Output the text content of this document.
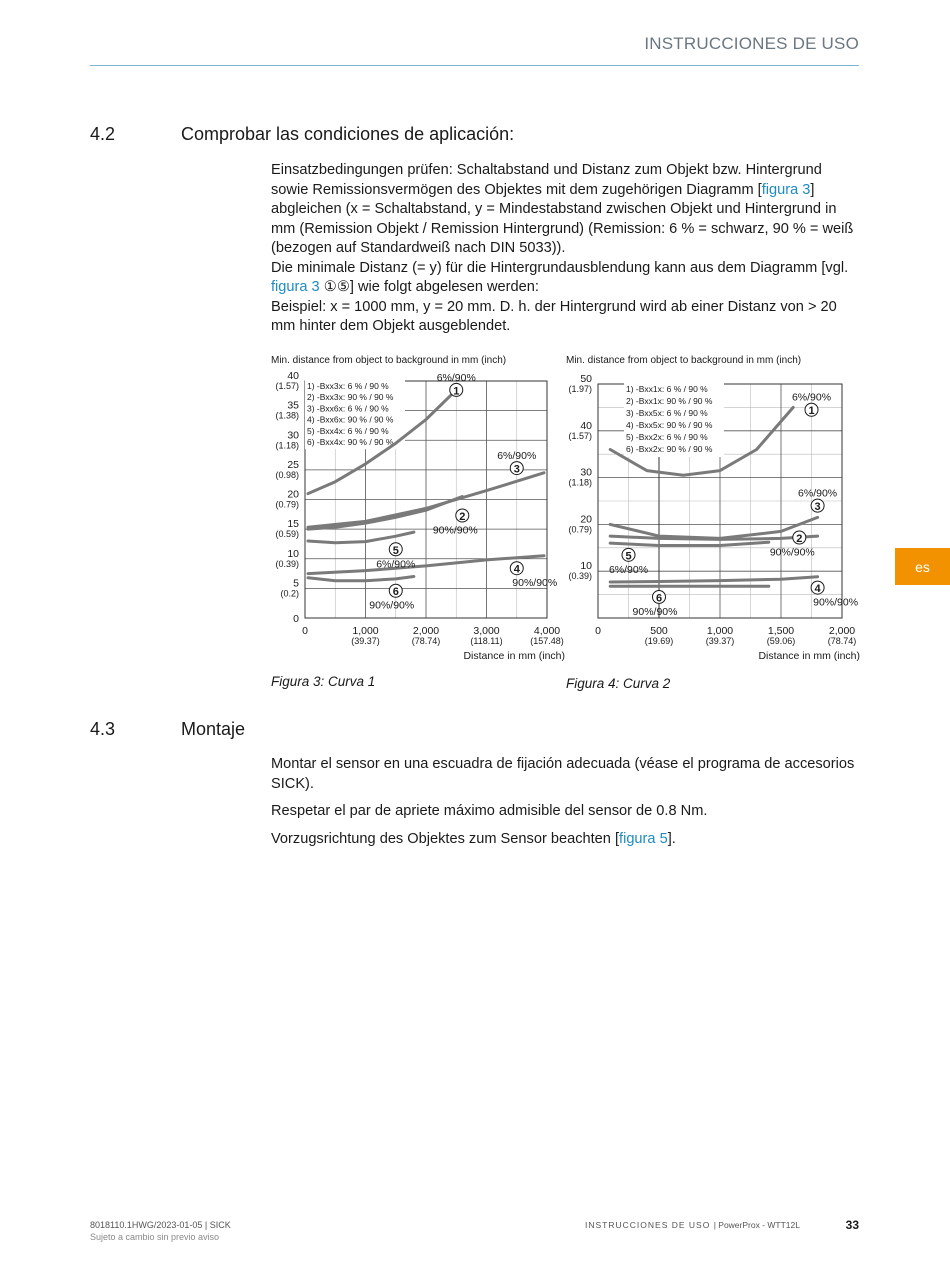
INSTRUCCIONES DE USO
4.2	Comprobar las condiciones de aplicación:

Einsatzbedingungen prüfen: Schaltabstand und Distanz zum Objekt bzw. Hintergrund sowie Remissionsvermögen des Objektes mit dem zugehörigen Diagramm [figura 3] abgleichen (x = Schaltabstand, y = Mindestabstand zwischen Objekt und Hintergrund in mm (Remission Objekt / Remission Hintergrund) (Remission: 6 % = schwarz, 90 % = weiß (bezogen auf Standardweiß nach DIN 5033)).

Die minimale Distanz (= y) für die Hintergrundausblendung kann aus dem Diagramm [vgl. figura 3 ①⑤] wie folgt abgelesen werden:

Beispiel: x = 1000 mm, y = 20 mm. D. h. der Hintergrund wird ab einer Distanz von > 20 mm hinter dem Objekt ausgeblendet.

Min. distance from object to background in mm (inch)
0
5
(0.2)
10
(0.39)
15
(0.59)
20
(0.79)
25
(0.98)
30
(1.18)
35
(1.38)
40
(1.57)
0	1,000
(39.37)
2,000
(78.74)
3,000
(118.11)
4,000
(157.48)
Distance in mm (inch)
1) -Bxx3x: 6 % / 90 %
2) -Bxx3x: 90 % / 90 %
3) -Bxx6x: 6 % / 90 %
4) -Bxx6x: 90 % / 90 %
5) -Bxx4x: 6 % / 90 %
6) -Bxx4x: 90 % / 90 %
1
6%/90%
2
90%/90%
3
6%/90%
4
90%/90%
5
6%/90%
6
90%/90%
Min. distance from object to background in mm (inch)
10
(0.39)
20
(0.79)
30
(1.18)
40
(1.57)
50
(1.97)
0	500
(19.69)
1,000
(39.37)
1,500
(59.06)
2,000
(78.74)
Distance in mm (inch)
1) -Bxx1x: 6 % / 90 %
2) -Bxx1x: 90 % / 90 %
3) -Bxx5x: 6 % / 90 %
4) -Bxx5x: 90 % / 90 %
5) -Bxx2x: 6 % / 90 %
6) -Bxx2x: 90 % / 90 %
1
6%/90%
2
90%/90%
3
6%/90%
4
90%/90%
5
6%/90%
6
90%/90%
Figura 3: Curva 1	Figura 4: Curva 2
4.3	Montaje

Montar el sensor en una escuadra de fijación adecuada (véase el programa de accesorios SICK).

Respetar el par de apriete máximo admisible del sensor de 0.8 Nm.

Vorzugsrichtung des Objektes zum Sensor beachten [figura 5].

es
8018110.1HWG/2023-01-05 | SICK
Sujeto a cambio sin previo aviso
INSTRUCCIONES DE USO | PowerProx - WTT12L	33
